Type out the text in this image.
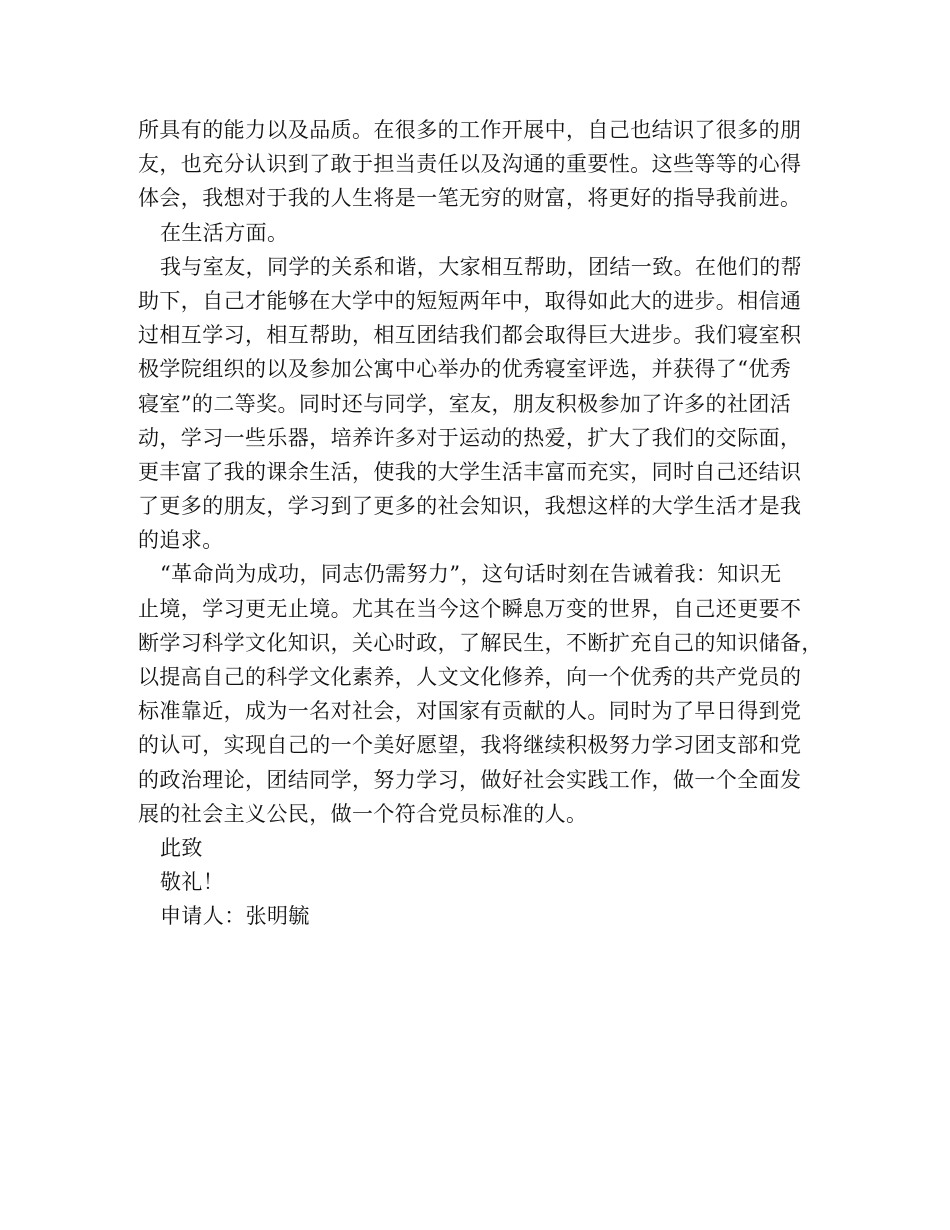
所具有的能力以及品质。在很多的工作开展中，自己也结识了很多的朋
友，也充分认识到了敢于担当责任以及沟通的重要性。这些等等的心得
体会，我想对于我的人生将是一笔无穷的财富，将更好的指导我前进。
在生活方面。
我与室友，同学的关系和谐，大家相互帮助，团结一致。在他们的帮
助下，自己才能够在大学中的短短两年中，取得如此大的进步。相信通
过相互学习，相互帮助，相互团结我们都会取得巨大进步。我们寝室积
极学院组织的以及参加公寓中心举办的优秀寝室评选，并获得了“优秀
寝室”的二等奖。同时还与同学，室友，朋友积极参加了许多的社团活
动，学习一些乐器，培养许多对于运动的热爱，扩大了我们的交际面，
更丰富了我的课余生活，使我的大学生活丰富而充实，同时自己还结识
了更多的朋友，学习到了更多的社会知识，我想这样的大学生活才是我
的追求。
“革命尚为成功，同志仍需努力”，这句话时刻在告诫着我：知识无
止境，学习更无止境。尤其在当今这个瞬息万变的世界，自己还更要不
断学习科学文化知识，关心时政，了解民生，不断扩充自己的知识储备，
以提高自己的科学文化素养，人文文化修养，向一个优秀的共产党员的
标准靠近，成为一名对社会，对国家有贡献的人。同时为了早日得到党
的认可，实现自己的一个美好愿望，我将继续积极努力学习团支部和党
的政治理论，团结同学，努力学习，做好社会实践工作，做一个全面发
展的社会主义公民，做一个符合党员标准的人。
此致
敬礼！
申请人：张明毓
